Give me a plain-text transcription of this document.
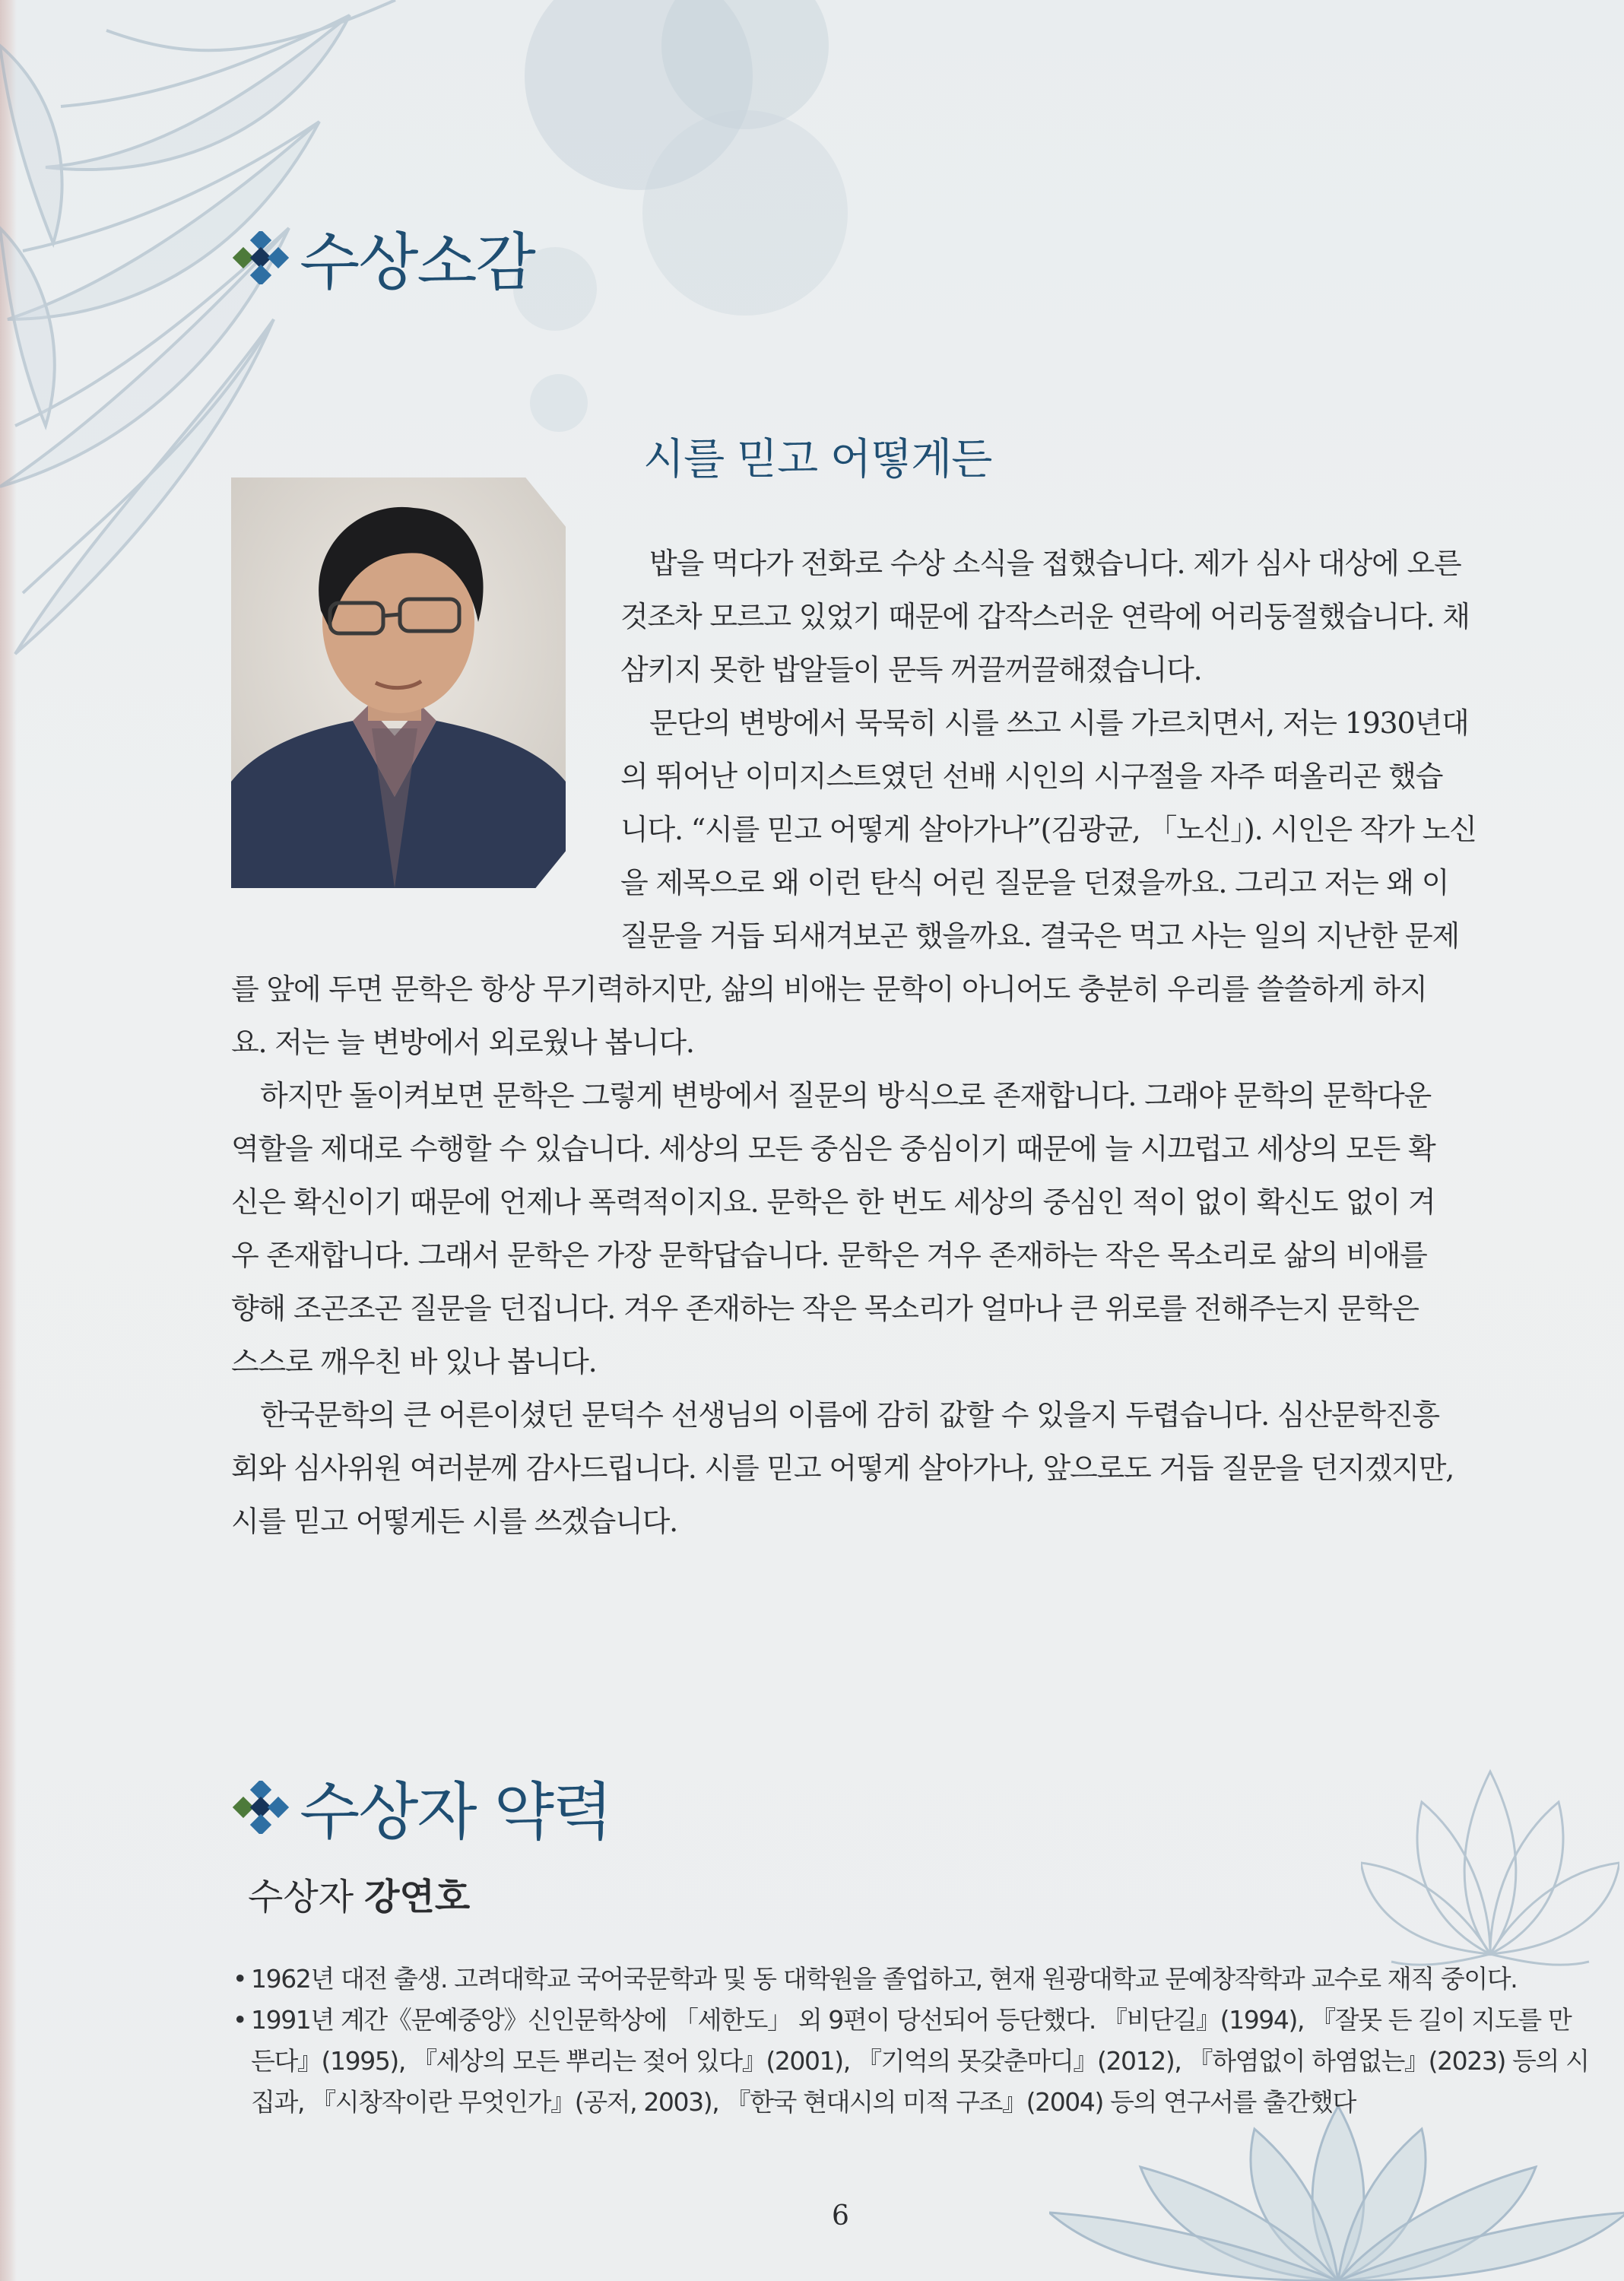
수상소감
시를 믿고 어떻게든
밥을 먹다가 전화로 수상 소식을 접했습니다. 제가 심사 대상에 오른
것조차 모르고 있었기 때문에 갑작스러운 연락에 어리둥절했습니다. 채
삼키지 못한 밥알들이 문득 꺼끌꺼끌해졌습니다.
문단의 변방에서 묵묵히 시를 쓰고 시를 가르치면서, 저는 1930년대
의 뛰어난 이미지스트였던 선배 시인의 시구절을 자주 떠올리곤 했습
니다. “시를 믿고 어떻게 살아가나”(김광균, 「노신」). 시인은 작가 노신
을 제목으로 왜 이런 탄식 어린 질문을 던졌을까요. 그리고 저는 왜 이
질문을 거듭 되새겨보곤 했을까요. 결국은 먹고 사는 일의 지난한 문제
를 앞에 두면 문학은 항상 무기력하지만, 삶의 비애는 문학이 아니어도 충분히 우리를 쓸쓸하게 하지
요. 저는 늘 변방에서 외로웠나 봅니다.
하지만 돌이켜보면 문학은 그렇게 변방에서 질문의 방식으로 존재합니다. 그래야 문학의 문학다운
역할을 제대로 수행할 수 있습니다. 세상의 모든 중심은 중심이기 때문에 늘 시끄럽고 세상의 모든 확
신은 확신이기 때문에 언제나 폭력적이지요. 문학은 한 번도 세상의 중심인 적이 없이 확신도 없이 겨
우 존재합니다. 그래서 문학은 가장 문학답습니다. 문학은 겨우 존재하는 작은 목소리로 삶의 비애를
향해 조곤조곤 질문을 던집니다. 겨우 존재하는 작은 목소리가 얼마나 큰 위로를 전해주는지 문학은
스스로 깨우친 바 있나 봅니다.
한국문학의 큰 어른이셨던 문덕수 선생님의 이름에 감히 값할 수 있을지 두렵습니다. 심산문학진흥
회와 심사위원 여러분께 감사드립니다. 시를 믿고 어떻게 살아가나, 앞으로도 거듭 질문을 던지겠지만,
시를 믿고 어떻게든 시를 쓰겠습니다.
수상자 약력
수상자 강연호
• 1962년 대전 출생. 고려대학교 국어국문학과 및 동 대학원을 졸업하고, 현재 원광대학교 문예창작학과 교수로 재직 중이다.
• 1991년 계간《문예중앙》신인문학상에 「세한도」 외 9편이 당선되어 등단했다. 『비단길』(1994), 『잘못 든 길이 지도를 만
든다』(1995), 『세상의 모든 뿌리는 젖어 있다』(2001), 『기억의 못갖춘마디』(2012), 『하염없이 하염없는』(2023) 등의 시
집과, 『시창작이란 무엇인가』(공저, 2003), 『한국 현대시의 미적 구조』(2004) 등의 연구서를 출간했다
6
